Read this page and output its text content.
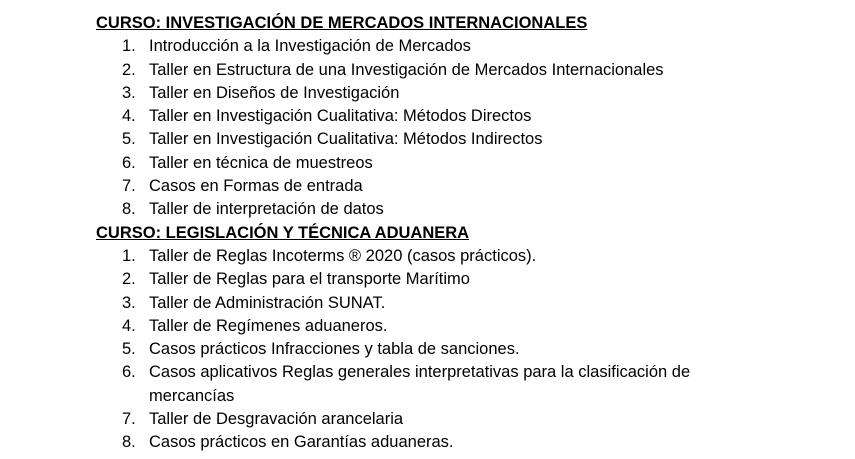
CURSO: INVESTIGACIÓN DE MERCADOS INTERNACIONALES

1. Introducción a la Investigación de Mercados
2. Taller en Estructura de una Investigación de Mercados Internacionales
3. Taller en Diseños de Investigación
4. Taller en Investigación Cualitativa: Métodos Directos
5. Taller en Investigación Cualitativa: Métodos Indirectos
6. Taller en técnica de muestreos
7. Casos en Formas de entrada
8. Taller de interpretación de datos

CURSO: LEGISLACIÓN Y TÉCNICA ADUANERA

1. Taller de Reglas Incoterms ® 2020 (casos prácticos).
2. Taller de Reglas para el transporte Marítimo
3. Taller de Administración SUNAT.
4. Taller de Regímenes aduaneros.
5. Casos prácticos Infracciones y tabla de sanciones.
6. Casos aplicativos Reglas generales interpretativas para la clasificación de mercancías
7. Taller de Desgravación arancelaria
8. Casos prácticos en Garantías aduaneras.
